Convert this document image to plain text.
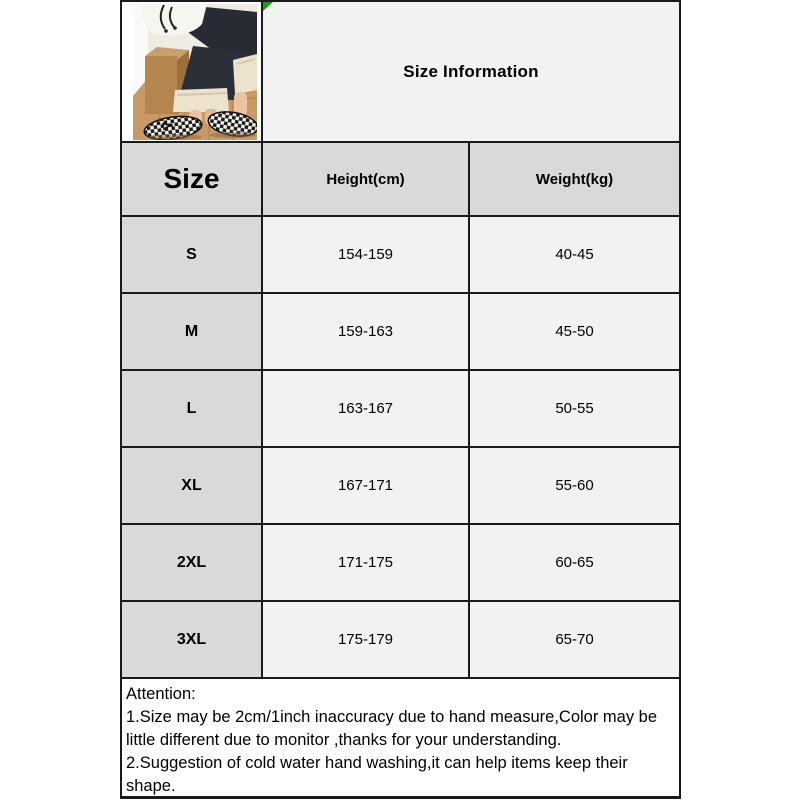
Size Information
Size	Height(cm)	Weight(kg)
S	154-159	40-45
M	159-163	45-50
L	163-167	50-55
XL	167-171	55-60
2XL	171-175	60-65
3XL	175-179	65-70

Attention:

1.Size may be 2cm/1inch inaccuracy due to hand measure,Color may be little different due to monitor ,thanks for your understanding.

2.Suggestion of cold water hand washing,it can help items keep their shape.
